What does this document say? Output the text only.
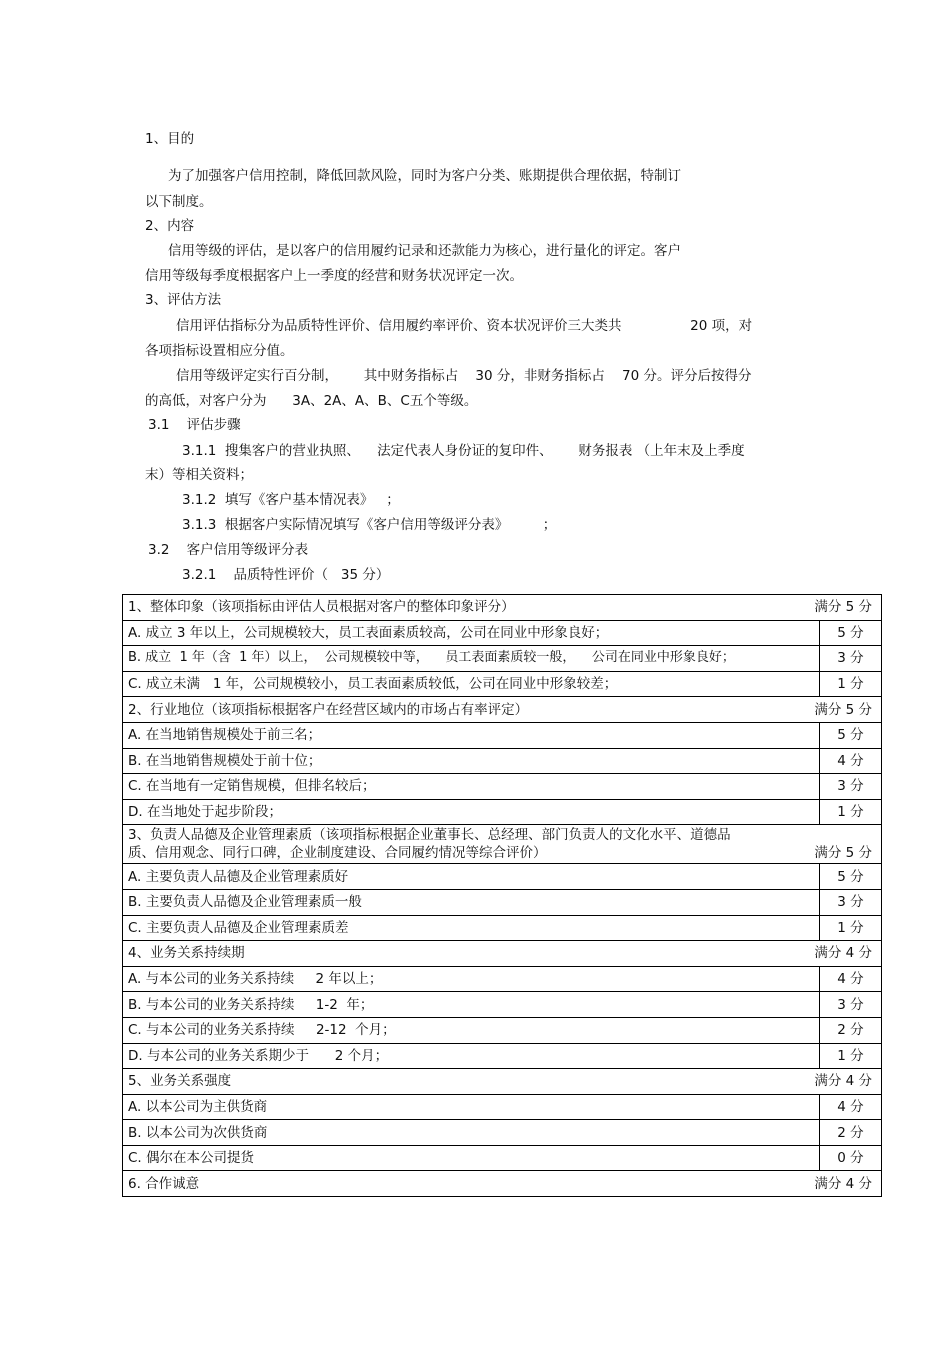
1、目的
为了加强客户信用控制，降低回款风险，同时为客户分类、账期提供合理依据，特制订
以下制度。
2、内容
信用等级的评估，是以客户的信用履约记录和还款能力为核心，进行量化的评定。客户
信用等级每季度根据客户上一季度的经营和财务状况评定一次。
3、评估方法
信用评估指标分为品质特性评价、信用履约率评价、资本状况评价三大类共                20 项，对
各项指标设置相应分值。
信用等级评定实行百分制，      其中财务指标占    30 分，非财务指标占    70 分。评分后按得分
的高低，对客户分为      3A、2A、A、B、C五个等级。
3.1    评估步骤
3.1.1  搜集客户的营业执照、    法定代表人身份证的复印件、      财务报表 （上年末及上季度
末）等相关资料；
3.1.2  填写《客户基本情况表》   ；
3.1.3  根据客户实际情况填写《客户信用等级评分表》        ；
3.2    客户信用等级评分表
3.2.1    品质特性评价（   35 分）
1、整体印象（该项指标由评估人员根据对客户的整体印象评分） 满分 5 分	

A. 成立 3 年以上，公司规模较大，员工表面素质较高，公司在同业中形象良好；	5 分
B. 成立  1 年（含  1 年）以上，  公司规模较中等，    员工表面素质较一般，    公司在同业中形象良好；	3 分
C. 成立未满   1 年，公司规模较小，员工表面素质较低，公司在同业中形象较差；	1 分

2、行业地位（该项指标根据客户在经营区域内的市场占有率评定） 满分 5 分	

A. 在当地销售规模处于前三名；	5 分
B. 在当地销售规模处于前十位；	4 分
C. 在当地有一定销售规模，但排名较后；	3 分
D. 在当地处于起步阶段；	1 分

3、负责人品德及企业管理素质（该项指标根据企业董事长、总经理、部门负责人的文化水平、道德品
质、信用观念、同行口碑，企业制度建设、合同履约情况等综合评价） 满分 5 分	

A. 主要负责人品德及企业管理素质好	5 分
B. 主要负责人品德及企业管理素质一般	3 分
C. 主要负责人品德及企业管理素质差	1 分

4、业务关系持续期 满分 4 分	

A. 与本公司的业务关系持续     2 年以上；	4 分
B. 与本公司的业务关系持续     1-2  年；	3 分
C. 与本公司的业务关系持续     2-12  个月；	2 分
D. 与本公司的业务关系期少于      2 个月；	1 分

5、业务关系强度 满分 4 分	

A. 以本公司为主供货商	4 分
B. 以本公司为次供货商	2 分
C. 偶尔在本公司提货	0 分

6. 合作诚意 满分 4 分	
